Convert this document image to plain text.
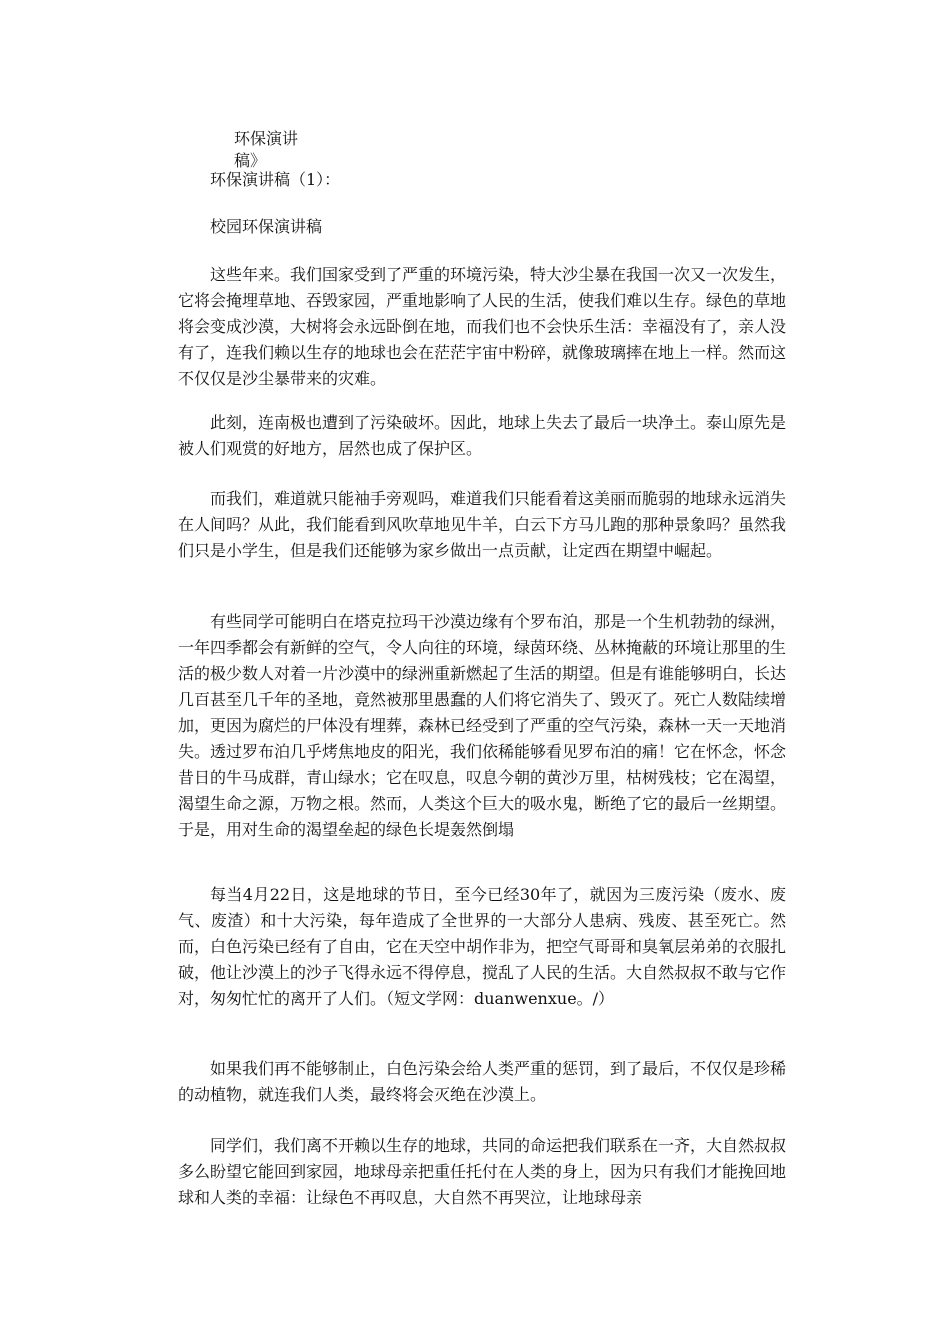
环保演讲
稿》
环保演讲稿（1）：
校园环保演讲稿

这些年来。我们国家受到了严重的环境污染，特大沙尘暴在我国一次又一次发生，它将会掩埋草地、吞毁家园，严重地影响了人民的生活，使我们难以生存。绿色的草地将会变成沙漠，大树将会永远卧倒在地，而我们也不会快乐生活：幸福没有了，亲人没有了，连我们赖以生存的地球也会在茫茫宇宙中粉碎，就像玻璃摔在地上一样。然而这不仅仅是沙尘暴带来的灾难。

此刻，连南极也遭到了污染破坏。因此，地球上失去了最后一块净土。泰山原先是被人们观赏的好地方，居然也成了保护区。

而我们，难道就只能袖手旁观吗，难道我们只能看着这美丽而脆弱的地球永远消失在人间吗？从此，我们能看到风吹草地见牛羊，白云下方马儿跑的那种景象吗？虽然我们只是小学生，但是我们还能够为家乡做出一点贡献，让定西在期望中崛起。

有些同学可能明白在塔克拉玛干沙漠边缘有个罗布泊，那是一个生机勃勃的绿洲，一年四季都会有新鲜的空气，令人向往的环境，绿茵环绕、丛林掩蔽的环境让那里的生活的极少数人对着一片沙漠中的绿洲重新燃起了生活的期望。但是有谁能够明白，长达几百甚至几千年的圣地，竟然被那里愚蠢的人们将它消失了、毁灭了。死亡人数陆续增加，更因为腐烂的尸体没有埋葬，森林已经受到了严重的空气污染，森林一天一天地消失。透过罗布泊几乎烤焦地皮的阳光，我们依稀能够看见罗布泊的痛！它在怀念，怀念昔日的牛马成群，青山绿水；它在叹息，叹息今朝的黄沙万里，枯树残枝；它在渴望，渴望生命之源，万物之根。然而，人类这个巨大的吸水鬼，断绝了它的最后一丝期望。于是，用对生命的渴望垒起的绿色长堤轰然倒塌

每当4月22日，这是地球的节日，至今已经30年了，就因为三废污染（废水、废气、废渣）和十大污染，每年造成了全世界的一大部分人患病、残废、甚至死亡。然而，白色污染已经有了自由，它在天空中胡作非为，把空气哥哥和臭氧层弟弟的衣服扎破，他让沙漠上的沙子飞得永远不得停息，搅乱了人民的生活。大自然叔叔不敢与它作对，匆匆忙忙的离开了人们。（短文学网：duanwenxue。/）

如果我们再不能够制止，白色污染会给人类严重的惩罚，到了最后，不仅仅是珍稀的动植物，就连我们人类，最终将会灭绝在沙漠上。

同学们，我们离不开赖以生存的地球，共同的命运把我们联系在一齐，大自然叔叔多么盼望它能回到家园，地球母亲把重任托付在人类的身上，因为只有我们才能挽回地球和人类的幸福：让绿色不再叹息，大自然不再哭泣，让地球母亲
